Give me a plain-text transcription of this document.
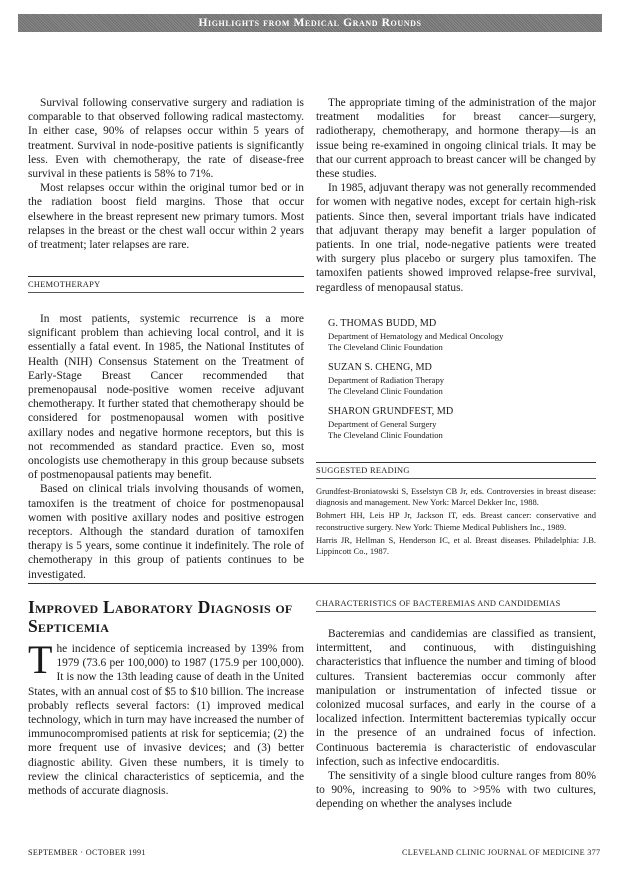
Highlights from Medical Grand Rounds

Survival following conservative surgery and radiation is comparable to that observed following radical mastectomy. In either case, 90% of relapses occur within 5 years of treatment. Survival in node-positive patients is significantly less. Even with chemotherapy, the rate of disease-free survival in these patients is 58% to 71%.

Most relapses occur within the original tumor bed or in the radiation boost field margins. Those that occur elsewhere in the breast represent new primary tumors. Most relapses in the breast or the chest wall occur within 2 years of treatment; later relapses are rare.

CHEMOTHERAPY

In most patients, systemic recurrence is a more significant problem than achieving local control, and it is essentially a fatal event. In 1985, the National Institutes of Health (NIH) Consensus Statement on the Treatment of Early-Stage Breast Cancer recommended that premenopausal node-positive women receive adjuvant chemotherapy. It further stated that chemotherapy should be considered for postmenopausal women with positive axillary nodes and negative hormone receptors, but this is not recommended as standard practice. Even so, most oncologists use chemotherapy in this group because subsets of postmenopausal patients may benefit.

Based on clinical trials involving thousands of women, tamoxifen is the treatment of choice for postmenopausal women with positive axillary nodes and positive estrogen receptors. Although the standard duration of tamoxifen therapy is 5 years, some continue it indefinitely. The role of chemotherapy in this group of patients continues to be investigated.

The appropriate timing of the administration of the major treatment modalities for breast cancer—surgery, radiotherapy, chemotherapy, and hormone therapy—is an issue being re-examined in ongoing clinical trials. It may be that our current approach to breast cancer will be changed by these studies.

In 1985, adjuvant therapy was not generally recommended for women with negative nodes, except for certain high-risk patients. Since then, several important trials have indicated that adjuvant therapy may benefit a larger population of patients. In one trial, node-negative patients were treated with surgery plus placebo or surgery plus tamoxifen. The tamoxifen patients showed improved relapse-free survival, regardless of menopausal status.

G. THOMAS BUDD, MD

Department of Hematology and Medical Oncology

The Cleveland Clinic Foundation

SUZAN S. CHENG, MD

Department of Radiation Therapy

The Cleveland Clinic Foundation

SHARON GRUNDFEST, MD

Department of General Surgery

The Cleveland Clinic Foundation

SUGGESTED READING

Grundfest-Broniatowski S, Esselstyn CB Jr, eds. Controversies in breast disease: diagnosis and management. New York: Marcel Dekker Inc, 1988.

Bohmert HH, Leis HP Jr, Jackson IT, eds. Breast cancer: conservative and reconstructive surgery. New York: Thieme Medical Publishers Inc., 1989.

Harris JR, Hellman S, Henderson IC, et al. Breast diseases. Philadelphia: J.B. Lippincott Co., 1987.

Improved Laboratory Diagnosis of Septicemia

The incidence of septicemia increased by 139% from 1979 (73.6 per 100,000) to 1987 (175.9 per 100,000). It is now the 13th leading cause of death in the United States, with an annual cost of $5 to $10 billion. The increase probably reflects several factors: (1) improved medical technology, which in turn may have increased the number of immunocompromised patients at risk for septicemia; (2) the more frequent use of invasive devices; and (3) better diagnostic ability. Given these numbers, it is timely to review the clinical characteristics of septicemia, and the methods of accurate diagnosis.

CHARACTERISTICS OF BACTEREMIAS AND CANDIDEMIAS

Bacteremias and candidemias are classified as transient, intermittent, and continuous, with distinguishing characteristics that influence the number and timing of blood cultures. Transient bacteremias occur commonly after manipulation or instrumentation of infected tissue or colonized mucosal surfaces, and early in the course of a localized infection. Intermittent bacteremias typically occur in the presence of an undrained focus of infection. Continuous bacteremia is characteristic of endovascular infection, such as infective endocarditis.

The sensitivity of a single blood culture ranges from 80% to 90%, increasing to 90% to >95% with two cultures, depending on whether the analyses include

SEPTEMBER · OCTOBER 1991	CLEVELAND CLINIC JOURNAL OF MEDICINE 377
